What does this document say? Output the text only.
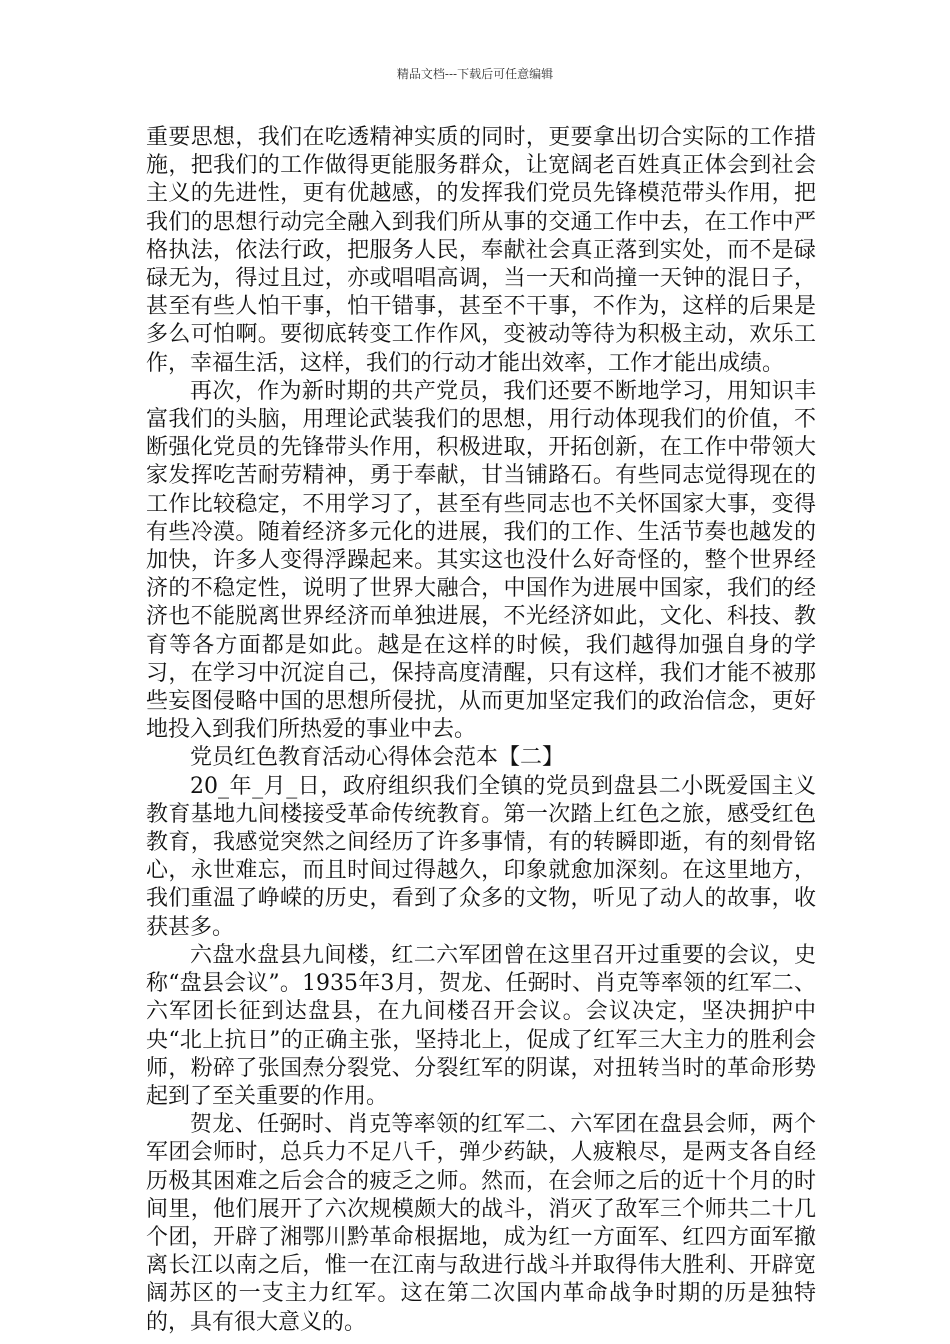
精品文档---下载后可任意编辑

重要思想，我们在吃透精神实质的同时，更要拿出切合实际的工作措施，把我们的工作做得更能服务群众，让宽阔老百姓真正体会到社会主义的先进性，更有优越感，的发挥我们党员先锋模范带头作用，把我们的思想行动完全融入到我们所从事的交通工作中去，在工作中严格执法，依法行政，把服务人民，奉献社会真正落到实处，而不是碌碌无为，得过且过，亦或唱唱高调，当一天和尚撞一天钟的混日子，甚至有些人怕干事，怕干错事，甚至不干事，不作为，这样的后果是多么可怕啊。要彻底转变工作作风，变被动等待为积极主动，欢乐工作，幸福生活，这样，我们的行动才能出效率，工作才能出成绩。

再次，作为新时期的共产党员，我们还要不断地学习，用知识丰富我们的头脑，用理论武装我们的思想，用行动体现我们的价值，不断强化党员的先锋带头作用，积极进取，开拓创新，在工作中带领大家发挥吃苦耐劳精神，勇于奉献，甘当铺路石。有些同志觉得现在的工作比较稳定，不用学习了，甚至有些同志也不关怀国家大事，变得有些冷漠。随着经济多元化的进展，我们的工作、生活节奏也越发的加快，许多人变得浮躁起来。其实这也没什么好奇怪的，整个世界经济的不稳定性，说明了世界大融合，中国作为进展中国家，我们的经济也不能脱离世界经济而单独进展，不光经济如此，文化、科技、教育等各方面都是如此。越是在这样的时候，我们越得加强自身的学习，在学习中沉淀自己，保持高度清醒，只有这样，我们才能不被那些妄图侵略中国的思想所侵扰，从而更加坚定我们的政治信念，更好地投入到我们所热爱的事业中去。

党员红色教育活动心得体会范本【二】

20_年_月_日，政府组织我们全镇的党员到盘县二小既爱国主义教育基地九间楼接受革命传统教育。第一次踏上红色之旅，感受红色教育，我感觉突然之间经历了许多事情，有的转瞬即逝，有的刻骨铭心，永世难忘，而且时间过得越久，印象就愈加深刻。在这里地方，我们重温了峥嵘的历史，看到了众多的文物，听见了动人的故事，收获甚多。

六盘水盘县九间楼，红二六军团曾在这里召开过重要的会议，史称“盘县会议”。1935年3月，贺龙、任弼时、肖克等率领的红军二、六军团长征到达盘县，在九间楼召开会议。会议决定，坚决拥护中央“北上抗日”的正确主张，坚持北上，促成了红军三大主力的胜利会师，粉碎了张国焘分裂党、分裂红军的阴谋，对扭转当时的革命形势起到了至关重要的作用。

贺龙、任弼时、肖克等率领的红军二、六军团在盘县会师，两个军团会师时，总兵力不足八千，弹少药缺，人疲粮尽，是两支各自经历极其困难之后会合的疲乏之师。然而，在会师之后的近十个月的时间里，他们展开了六次规模颇大的战斗，消灭了敌军三个师共二十几个团，开辟了湘鄂川黔革命根据地，成为红一方面军、红四方面军撤离长江以南之后，惟一在江南与敌进行战斗并取得伟大胜利、开辟宽阔苏区的一支主力红军。这在第二次国内革命战争时期的历是独特的，具有很大意义的。
